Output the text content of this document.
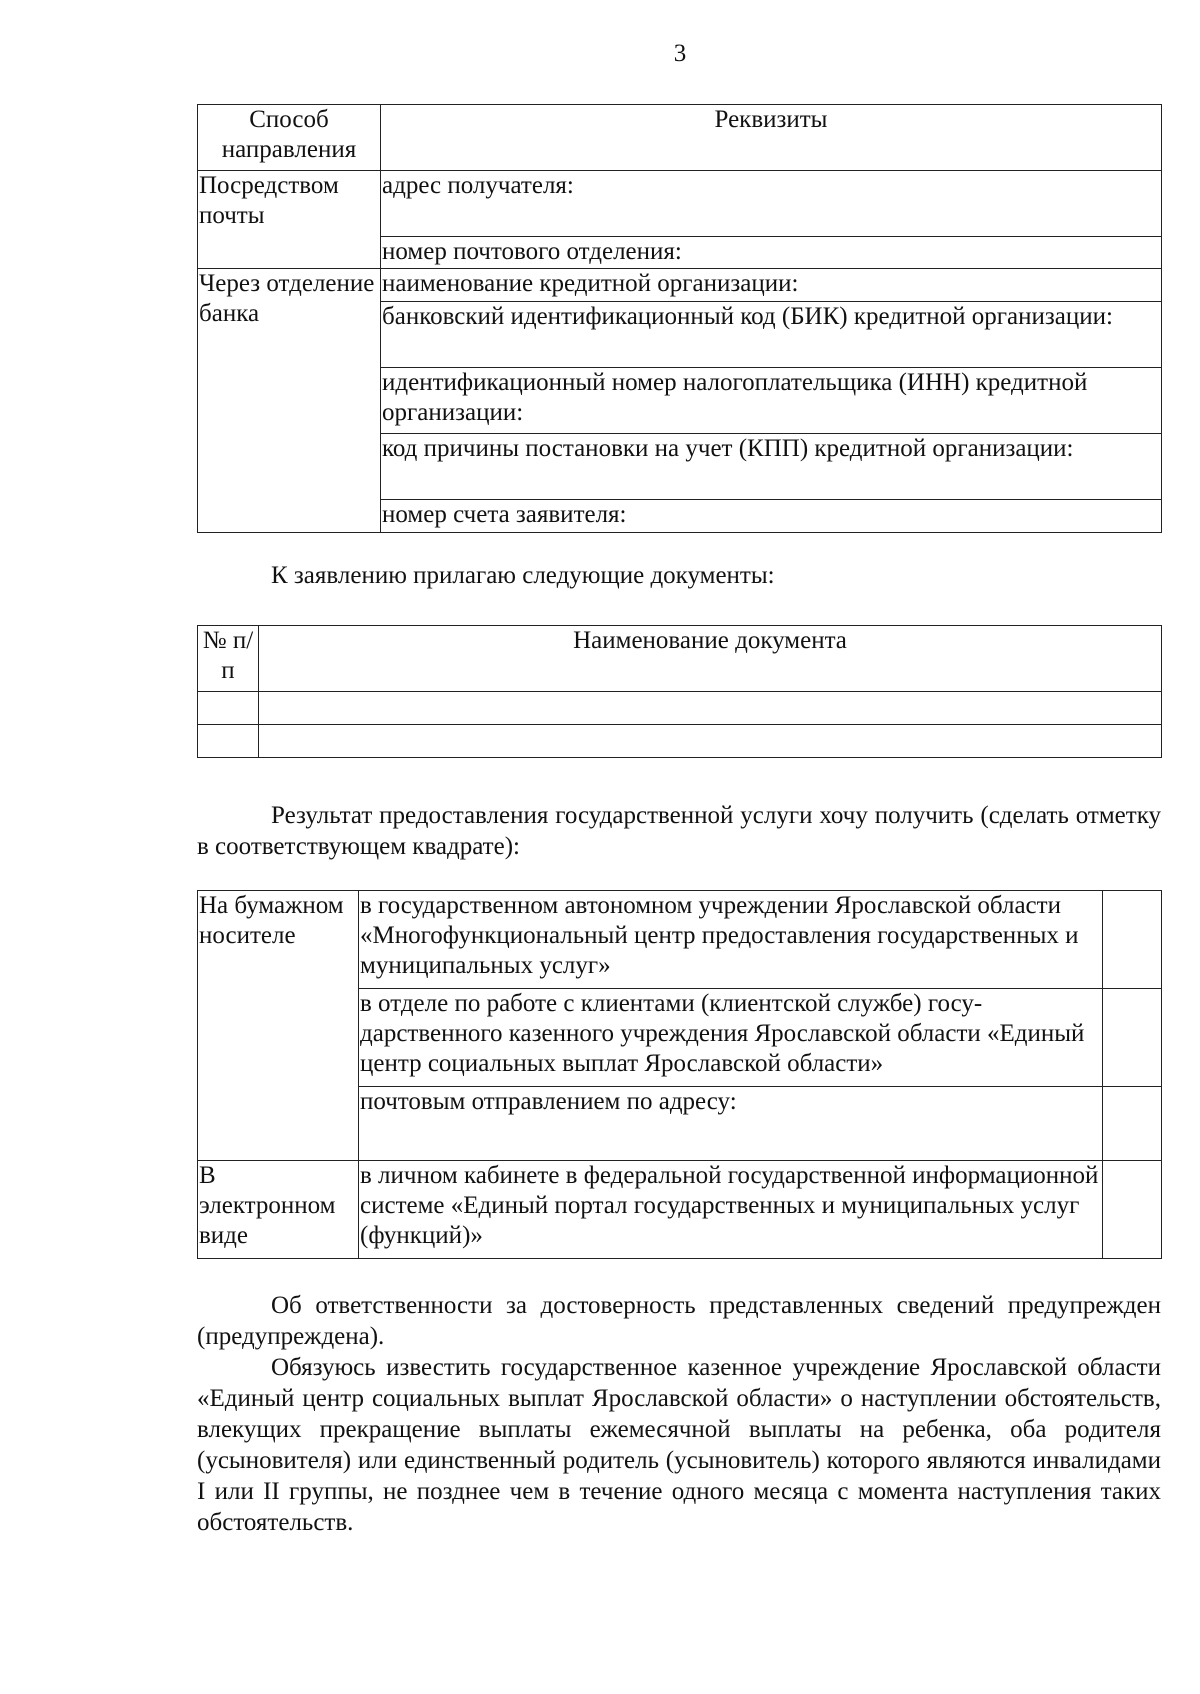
3
Способ направления	Реквизиты
Посредством почты	адрес получателя:
	номер почтового отделения:
Через отделение банка	наименование кредитной организации:
	банковский идентификационный код (БИК) кредитной организации:
	идентификационный номер налогоплательщика (ИНН) кредитной организации:
	код причины постановки на учет (КПП) кредитной организации:
	номер счета заявителя:
К заявлению прилагаю следующие документы:
№ п/п	Наименование документа

Результат предоставления государственной услуги хочу получить (сделать отметку в соответствующем квадрате):
На бумажном носителе	в государственном автономном учреждении Ярославской области «Многофункциональный центр предоставления государственных и муниципальных услуг»	
	в отделе по работе с клиентами (клиентской службе) госу-дарственного казенного учреждения Ярославской области «Единый центр социальных выплат Ярославской области»	
	почтовым отправлением по адресу:	
В электронном виде	в личном кабинете в федеральной государственной информационной системе «Единый портал государственных и муниципальных услуг (функций)»	
Об ответственности за достоверность представленных сведений предупрежден (предупреждена).
Обязуюсь известить государственное казенное учреждение Ярославской области «Единый центр социальных выплат Ярославской области» о наступлении обстоятельств, влекущих прекращение выплаты ежемесячной выплаты на ребенка, оба родителя (усыновителя) или единственный родитель (усыновитель) которого являются инвалидами I или II группы, не позднее чем в течение одного месяца с момента наступления таких обстоятельств.
